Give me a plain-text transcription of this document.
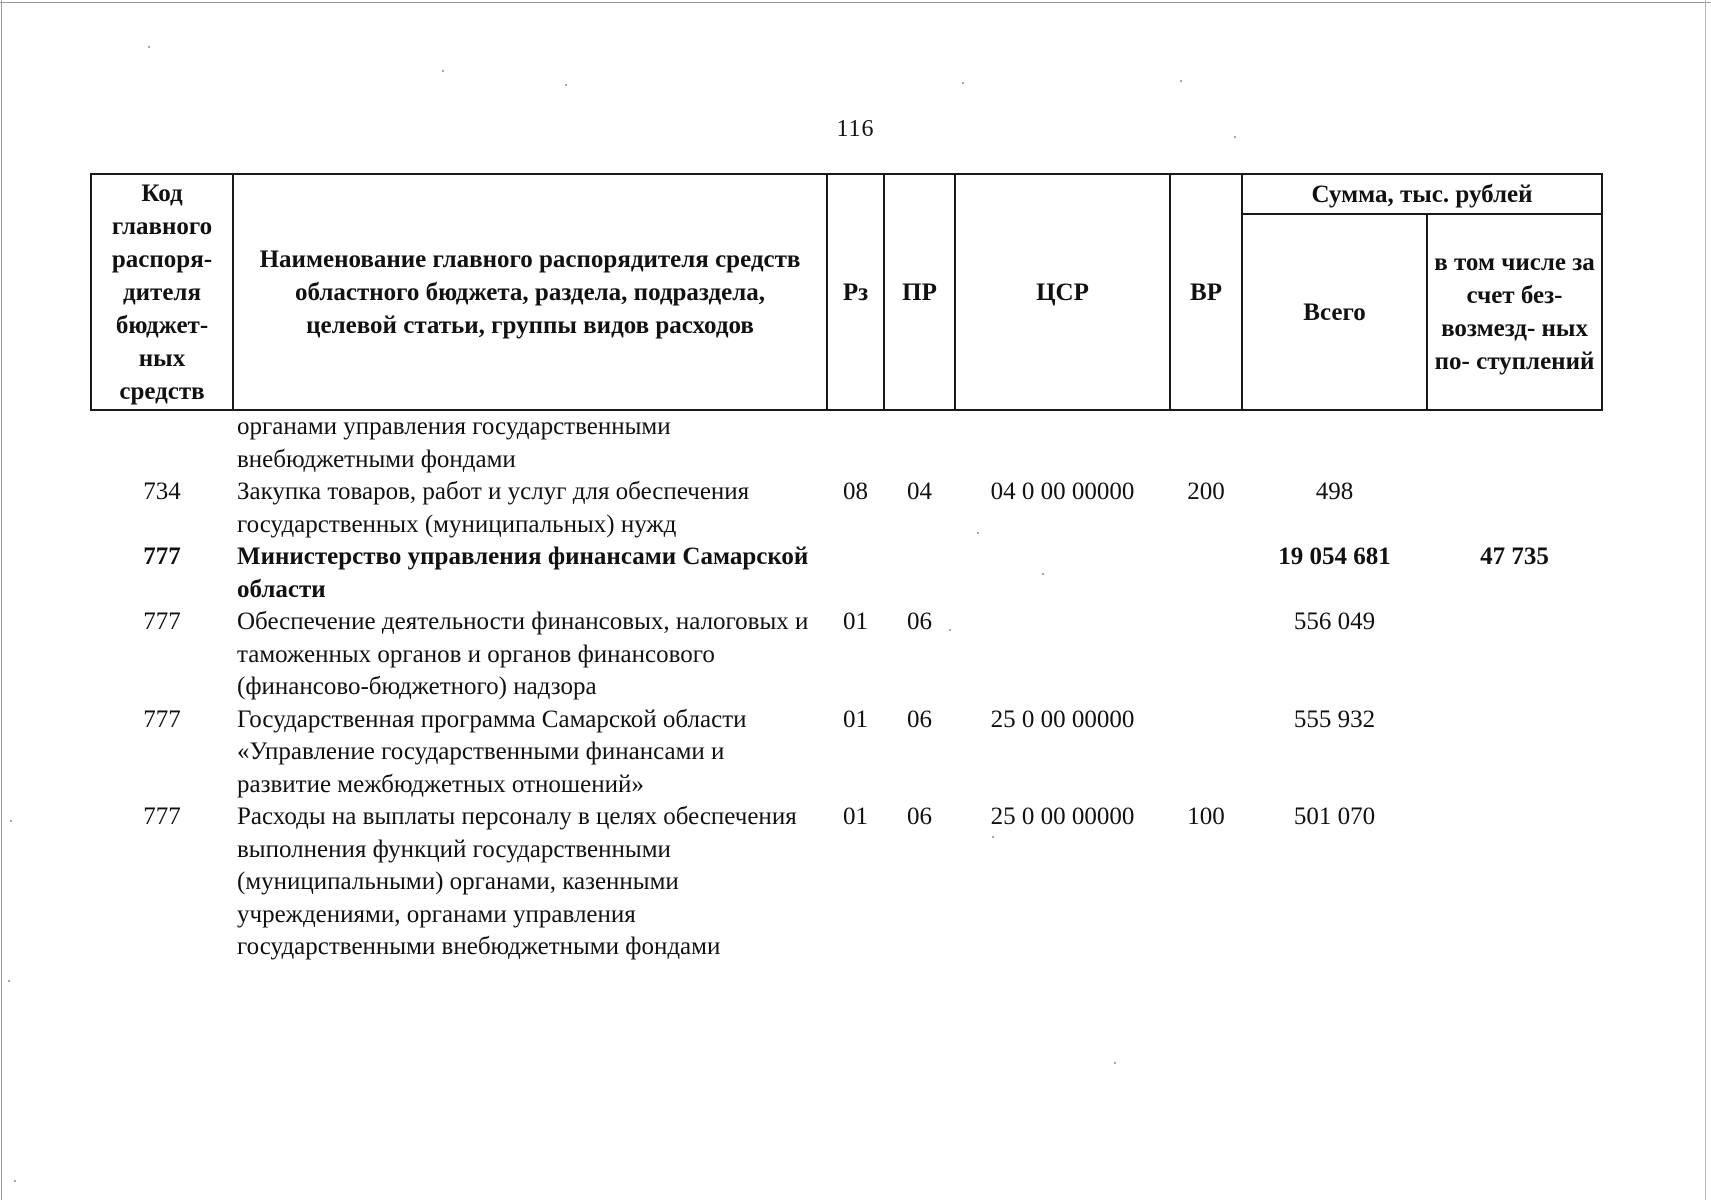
116
Код главного распоря- дителя бюджет- ных средств	Наименование главного распорядителя средств областного бюджета, раздела, подраздела, целевой статьи, группы видов расходов	Рз	ПР	ЦСР	ВР	Сумма, тыс. рублей	
						Всего	в том числе за счет без- возмезд- ных по- ступлений
	органами управления государственными внебюджетными фондами						
734	Закупка товаров, работ и услуг для обеспечения государственных (муниципальных) нужд	08	04	04 0 00 00000	200	498	
777	Министерство управления финансами Самарской области					19 054 681	47 735
777	Обеспечение деятельности финансовых, налоговых и таможенных органов и органов финансового (финансово-бюджетного) надзора	01	06			556 049	
777	Государственная программа Самарской области «Управление государственными финансами и развитие межбюджетных отношений»	01	06	25 0 00 00000		555 932	
777	Расходы на выплаты персоналу в целях обеспечения выполнения функций государственными (муниципальными) органами, казенными учреждениями, органами управления государственными внебюджетными фондами	01	06	25 0 00 00000	100	501 070	
